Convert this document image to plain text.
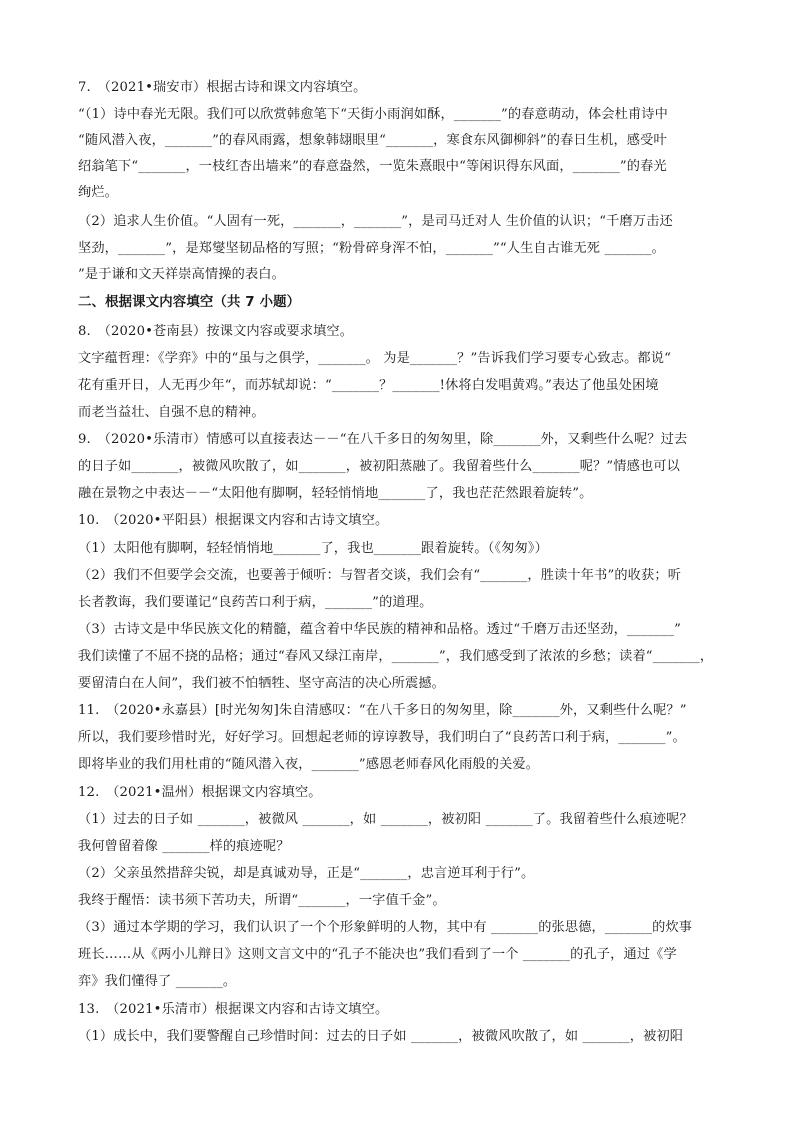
7.　（2021•瑞安市）根据古诗和课文内容填空。
“（1）诗中春光无限。我们可以欣赏韩愈笔下“天街小雨润如酥，_______”的春意萌动，体会杜甫诗中
“随风潜入夜，_______”的春风雨露，想象韩翃眼里“_______，寒食东风御柳斜”的春日生机，感受叶
绍翁笔下“_______，一枝红杏出墙来”的春意盎然，一览朱熹眼中“等闲识得东风面，_______”的春光
绚烂。
（2）追求人生价值。“人固有一死，_______，_______”，是司马迁对人 生价值的认识；“千磨万击还
坚劲，_______”，是郑燮坚韧品格的写照；“粉骨碎身浑不怕，_______”“人生自古谁无死 _______。
”是于谦和文天祥崇高情操的表白。
二、根据课文内容填空（共 7 小题）
8.　（2020•苍南县）按课文内容或要求填空。
文字蕴哲理：《学弈》中的“虽与之俱学，_______。 为是_______？”告诉我们学习要专心致志。都说“
花有重开日，人无再少年“，而苏轼却说：“_______？_______!休将白发唱黄鸡。”表达了他虽处困境
而老当益壮、自强不息的精神。
9.　（2020•乐清市）情感可以直接表达－－“在八千多日的匆匆里，除_______外，又剩些什么呢？过去
的日子如_______，被微风吹散了，如_______，被初阳蒸融了。我留着些什么_______呢？”情感也可以
融在景物之中表达－－“太阳他有脚啊，轻轻悄悄地_______了，我也茫茫然跟着旋转”。
10.　（2020•平阳县）根据课文内容和古诗文填空。
（1）太阳他有脚啊，轻轻悄悄地_______了，我也_______跟着旋转。（《匆匆》）
（2）我们不但要学会交流，也要善于倾听：与智者交谈，我们会有“_______，胜读十年书”的收获；听
长者教诲，我们要谨记“良药苦口利于病，_______”的道理。
（3）古诗文是中华民族文化的精髓，蕴含着中华民族的精神和品格。透过“千磨万击还坚劲，_______”
我们读懂了不屈不挠的品格；通过“春风又绿江南岸，_______”，我们感受到了浓浓的乡愁；读着“_______，
要留清白在人间”，我们被不怕牺牲、坚守高洁的决心所震撼。
11.　（2020•永嘉县）[时光匆匆]朱自清感叹：“在八千多日的匆匆里，除_______外，又剩些什么呢？”
所以，我们要珍惜时光，好好学习。回想起老师的谆谆教导，我们明白了“良药苦口利于病，_______”。
即将毕业的我们用杜甫的“随风潜入夜，_______”感恩老师春风化雨般的关爱。
12.　（2021•温州）根据课文内容填空。
（1）过去的日子如 _______，被微风 _______，如 _______，被初阳 _______了。我留着些什么痕迹呢？
我何曾留着像 _______样的痕迹呢？
（2）父亲虽然措辞尖锐，却是真诚劝导，正是“_______，忠言逆耳利于行”。
我终于醒悟：读书须下苦功夫，所谓“_______，一字值千金”。
（3）通过本学期的学习，我们认识了一个个形象鲜明的人物，其中有 _______的张思德，_______的炊事
班长……从《两小儿辩日》这则文言文中的“孔子不能决也”我们看到了一个 _______的孔子，通过《学
弈》我们懂得了 _______。
13.　（2021•乐清市）根据课文内容和古诗文填空。
（1）成长中，我们要警醒自己珍惜时间：过去的日子如 _______，被微风吹散了，如 _______，被初阳
